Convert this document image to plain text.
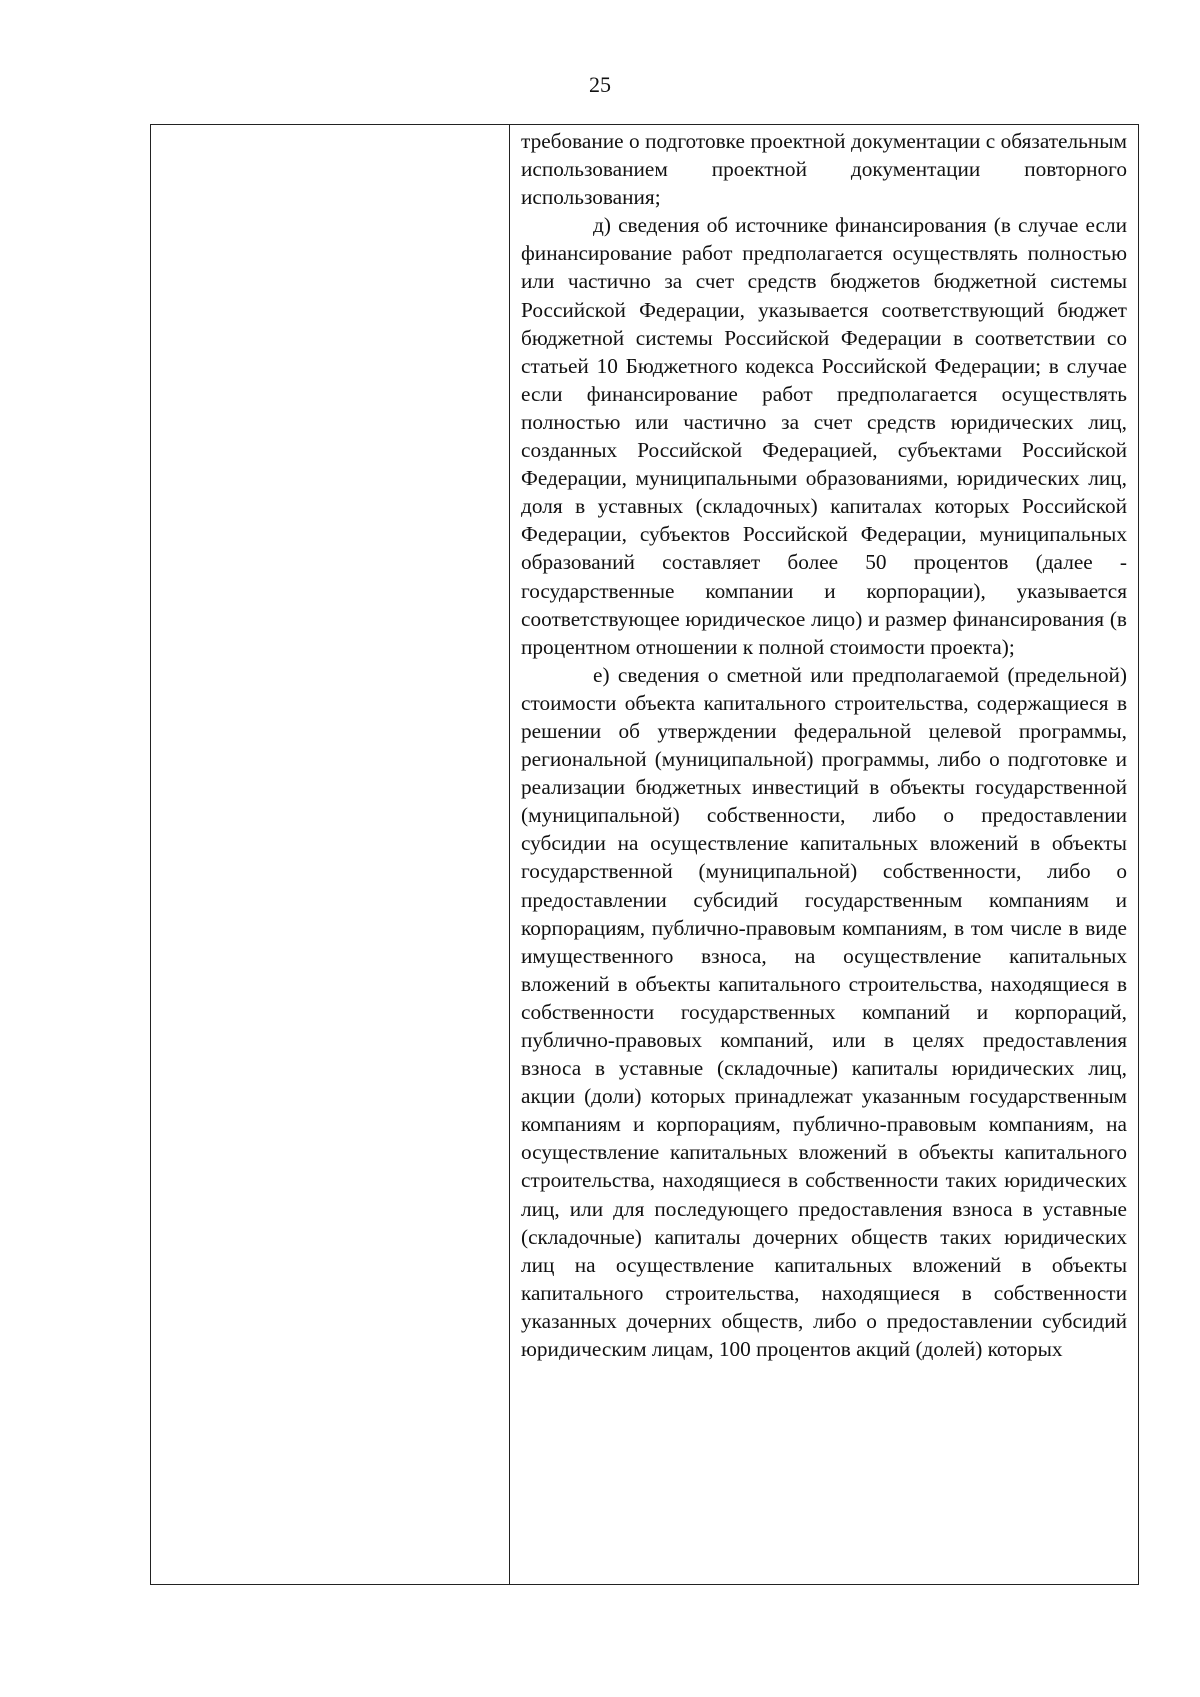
25

требование о подготовке проектной документации с обязательным использованием проектной документации повторного использования;

д) сведения об источнике финансирования (в случае если финансирование работ предполагается осуществлять полностью или частично за счет средств бюджетов бюджетной системы Российской Федерации, указывается соответствующий бюджет бюджетной системы Российской Федерации в соответствии со статьей 10 Бюджетного кодекса Российской Федерации; в случае если финансирование работ предполагается осуществлять полностью или частично за счет средств юридических лиц, созданных Российской Федерацией, субъектами Российской Федерации, муниципальными образованиями, юридических лиц, доля в уставных (складочных) капиталах которых Российской Федерации, субъектов Российской Федерации, муниципальных образований составляет более 50 процентов (далее - государственные компании и корпорации), указывается соответствующее юридическое лицо) и размер финансирования (в процентном отношении к полной стоимости проекта);

е) сведения о сметной или предполагаемой (предельной) стоимости объекта капитального строительства, содержащиеся в решении об утверждении федеральной целевой программы, региональной (муниципальной) программы, либо о подготовке и реализации бюджетных инвестиций в объекты государственной (муниципальной) собственности, либо о предоставлении субсидии на осуществление капитальных вложений в объекты государственной (муниципальной) собственности, либо о предоставлении субсидий государственным компаниям и корпорациям, публично-правовым компаниям, в том числе в виде имущественного взноса, на осуществление капитальных вложений в объекты капитального строительства, находящиеся в собственности государственных компаний и корпораций, публично-правовых компаний, или в целях предоставления взноса в уставные (складочные) капиталы юридических лиц, акции (доли) которых принадлежат указанным государственным компаниям и корпорациям, публично-правовым компаниям, на осуществление капитальных вложений в объекты капитального строительства, находящиеся в собственности таких юридических лиц, или для последующего предоставления взноса в уставные (складочные) капиталы дочерних обществ таких юридических лиц на осуществление капитальных вложений в объекты капитального строительства, находящиеся в собственности указанных дочерних обществ, либо о предоставлении субсидий юридическим лицам, 100 процентов акций (долей) которых
